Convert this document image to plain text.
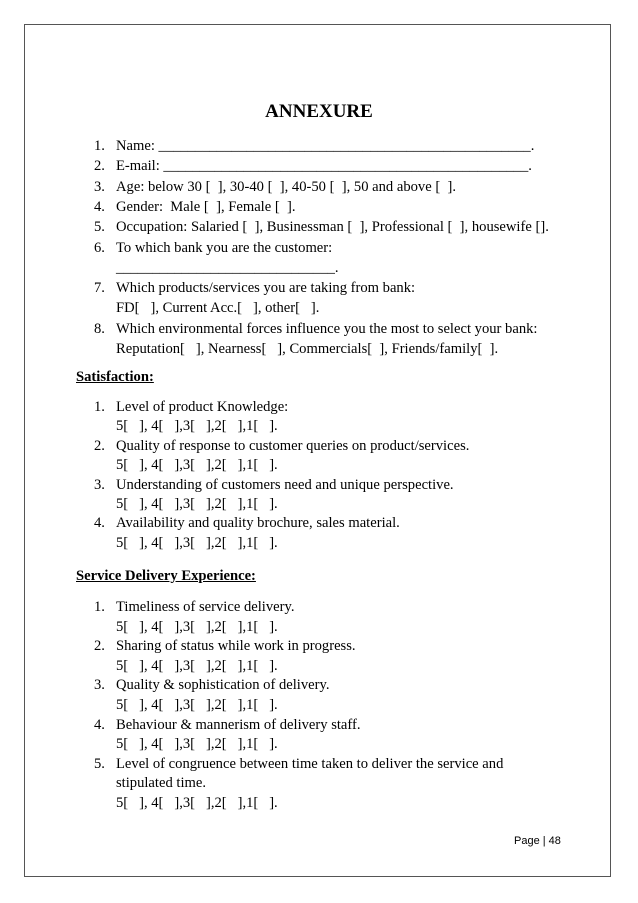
ANNEXURE
1. Name: ___________________________________________________.
2. E-mail: __________________________________________________.
3. Age: below 30 [  ], 30-40 [  ], 40-50 [  ], 50 and above [  ].
4. Gender:  Male [  ], Female [  ].
5. Occupation: Salaried [  ], Businessman [  ], Professional [  ], housewife [].
6. To which bank you are the customer:
______________________________.
7. Which products/services you are taking from bank:
FD[   ], Current Acc.[   ], other[   ].
8. Which environmental forces influence you the most to select your bank:
Reputation[   ], Nearness[   ], Commercials[  ], Friends/family[  ].
Satisfaction:
1. Level of product Knowledge:
5[   ], 4[   ],3[   ],2[   ],1[   ].
2. Quality of response to customer queries on product/services.
5[   ], 4[   ],3[   ],2[   ],1[   ].
3. Understanding of customers need and unique perspective.
5[   ], 4[   ],3[   ],2[   ],1[   ].
4. Availability and quality brochure, sales material.
5[   ], 4[   ],3[   ],2[   ],1[   ].
Service Delivery Experience:
1. Timeliness of service delivery.
5[   ], 4[   ],3[   ],2[   ],1[   ].
2. Sharing of status while work in progress.
5[   ], 4[   ],3[   ],2[   ],1[   ].
3. Quality & sophistication of delivery.
5[   ], 4[   ],3[   ],2[   ],1[   ].
4. Behaviour & mannerism of delivery staff.
5[   ], 4[   ],3[   ],2[   ],1[   ].
5. Level of congruence between time taken to deliver the service and
stipulated time.
5[   ], 4[   ],3[   ],2[   ],1[   ].
Page | 48
